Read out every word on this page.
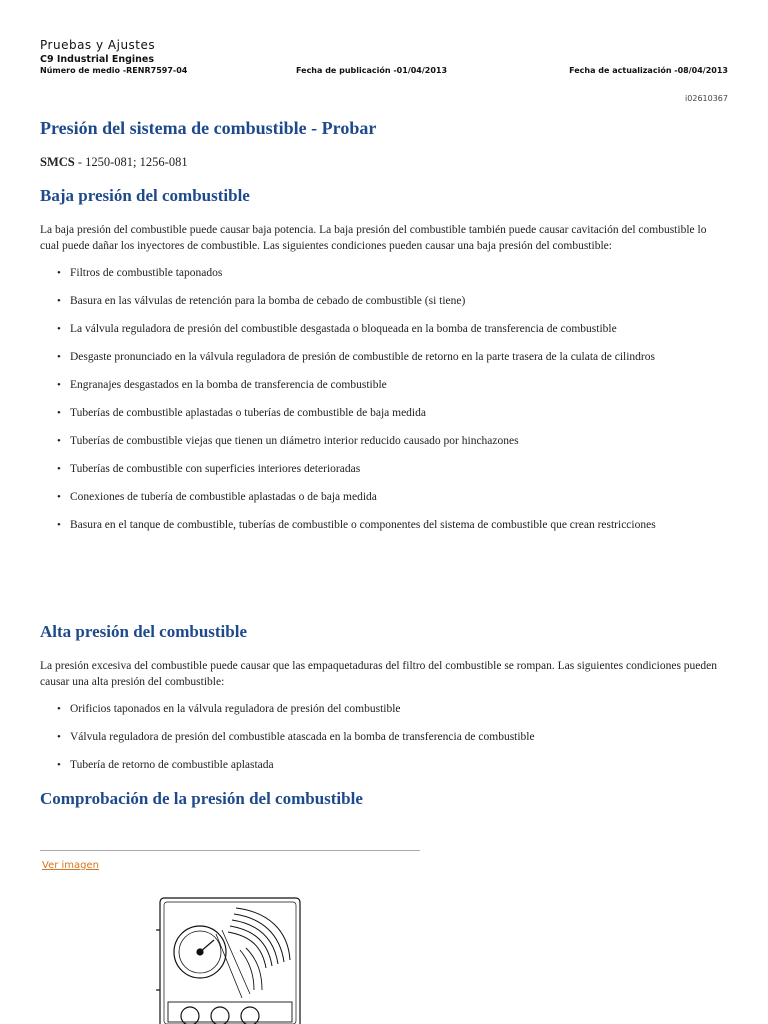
Pruebas y Ajustes
C9 Industrial Engines
Número de medio -RENR7597-04	Fecha de publicación -01/04/2013	Fecha de actualización -08/04/2013
i02610367
Presión del sistema de combustible - Probar
SMCS - 1250-081; 1256-081
Baja presión del combustible

La baja presión del combustible puede causar baja potencia. La baja presión del combustible también puede causar cavitación del combustible lo cual puede dañar los inyectores de combustible. Las siguientes condiciones pueden causar una baja presión del combustible:

• Filtros de combustible taponados
• Basura en las válvulas de retención para la bomba de cebado de combustible (si tiene)
• La válvula reguladora de presión del combustible desgastada o bloqueada en la bomba de transferencia de combustible
• Desgaste pronunciado en la válvula reguladora de presión de combustible de retorno en la parte trasera de la culata de cilindros
• Engranajes desgastados en la bomba de transferencia de combustible
• Tuberías de combustible aplastadas o tuberías de combustible de baja medida
• Tuberías de combustible viejas que tienen un diámetro interior reducido causado por hinchazones
• Tuberías de combustible con superficies interiores deterioradas
• Conexiones de tubería de combustible aplastadas o de baja medida
• Basura en el tanque de combustible, tuberías de combustible o componentes del sistema de combustible que crean restricciones
Alta presión del combustible

La presión excesiva del combustible puede causar que las empaquetaduras del filtro del combustible se rompan. Las siguientes condiciones pueden causar una alta presión del combustible:

• Orificios taponados en la válvula reguladora de presión del combustible
• Válvula reguladora de presión del combustible atascada en la bomba de transferencia de combustible
• Tubería de retorno de combustible aplastada
Comprobación de la presión del combustible
Ver imagen
